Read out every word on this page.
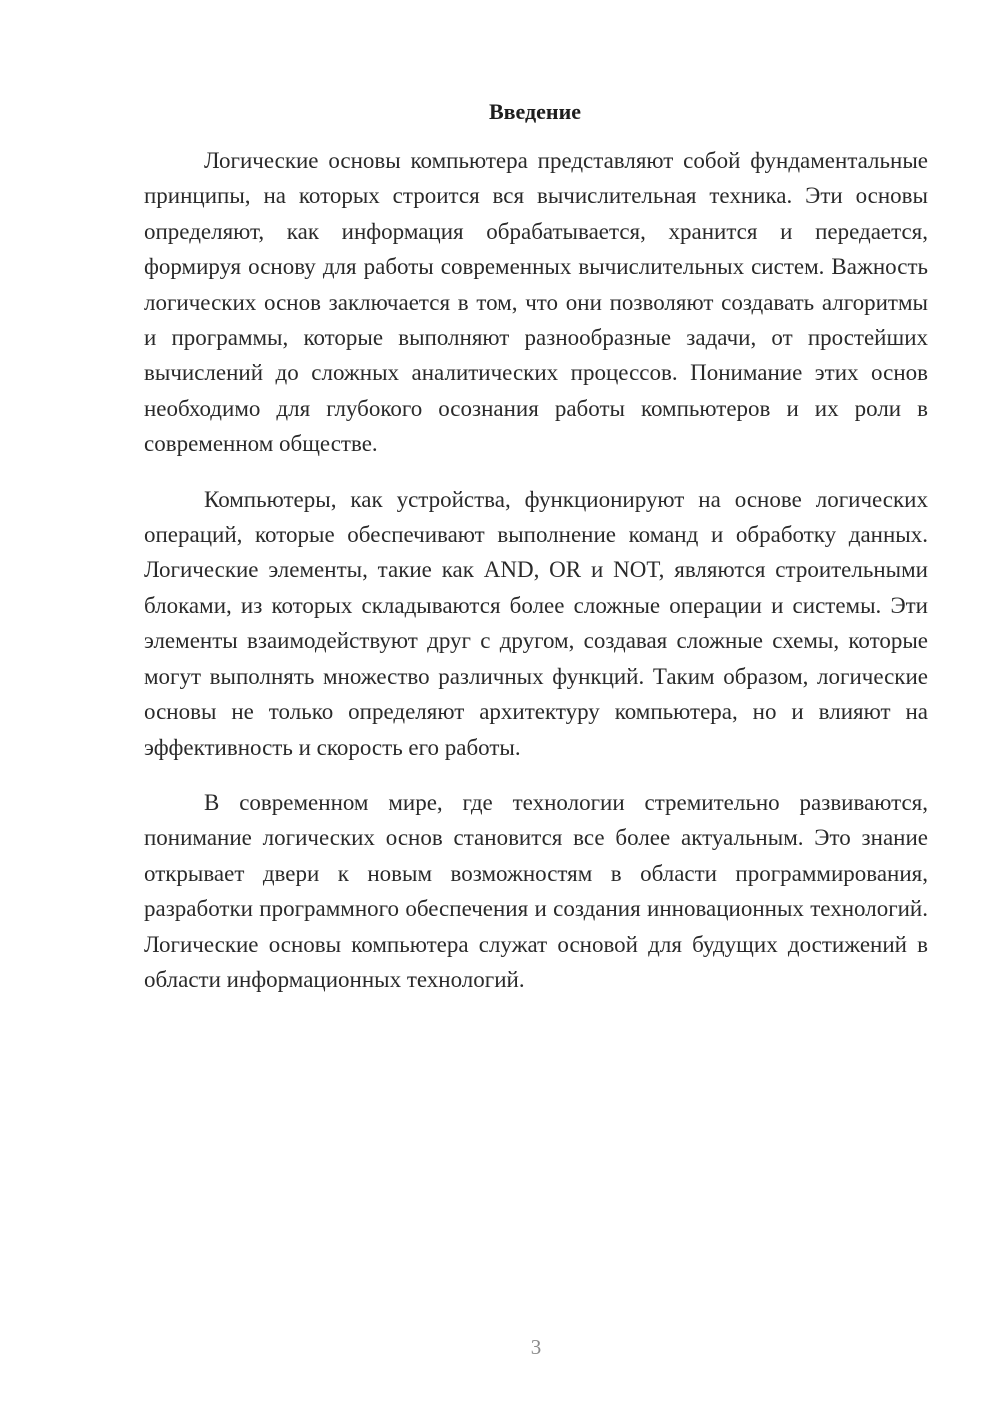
Введение

Логические основы компьютера представляют собой фундаментальные принципы, на которых строится вся вычислительная техника. Эти основы определяют, как информация обрабатывается, хранится и передается, формируя основу для работы современных вычислительных систем. Важность логических основ заключается в том, что они позволяют создавать алгоритмы и программы, которые выполняют разнообразные задачи, от простейших вычислений до сложных аналитических процессов. Понимание этих основ необходимо для глубокого осознания работы компьютеров и их роли в современном обществе.

Компьютеры, как устройства, функционируют на основе логических операций, которые обеспечивают выполнение команд и обработку данных. Логические элементы, такие как AND, OR и NOT, являются строительными блоками, из которых складываются более сложные операции и системы. Эти элементы взаимодействуют друг с другом, создавая сложные схемы, которые могут выполнять множество различных функций. Таким образом, логические основы не только определяют архитектуру компьютера, но и влияют на эффективность и скорость его работы.

В современном мире, где технологии стремительно развиваются, понимание логических основ становится все более актуальным. Это знание открывает двери к новым возможностям в области программирования, разработки программного обеспечения и создания инновационных технологий. Логические основы компьютера служат основой для будущих достижений в области информационных технологий.

3
